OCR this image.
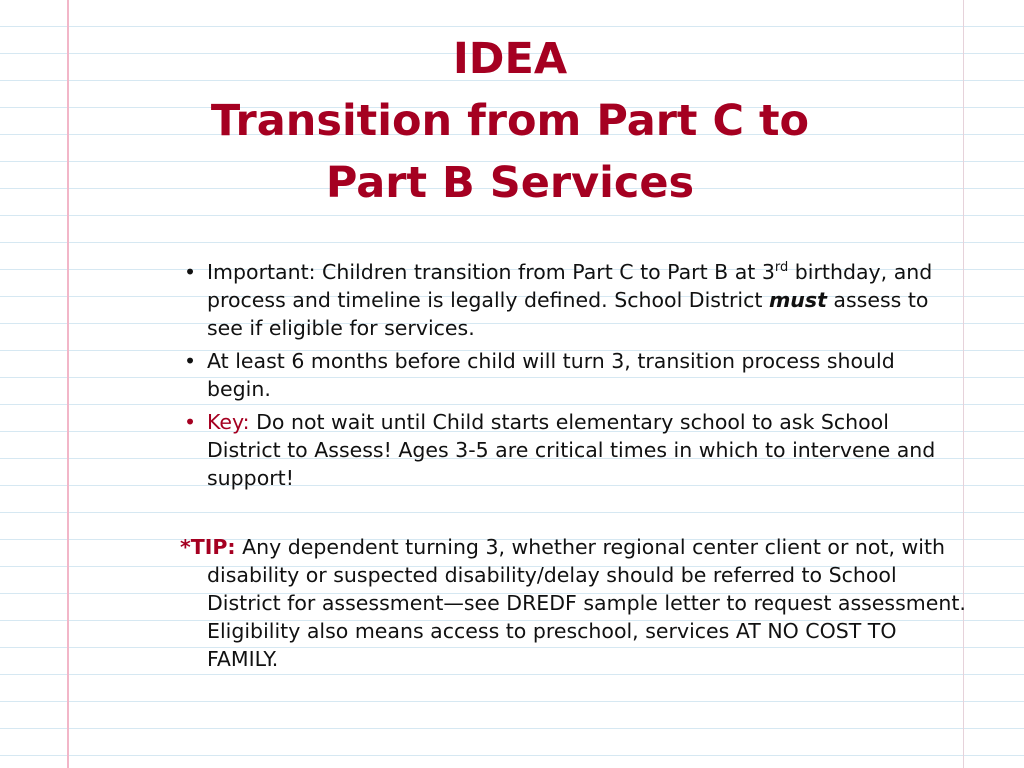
IDEA
Transition from Part C to
Part B Services
• Important: Children transition from Part C to Part B at 3rd birthday, and process and timeline is legally defined. School District must assess to see if eligible for services.
• At least 6 months before child will turn 3, transition process should begin.
• Key: Do not wait until Child starts elementary school to ask School District to Assess! Ages 3-5 are critical times in which to intervene and support!

*TIP: Any dependent turning 3, whether regional center client or not, with disability or suspected disability/delay should be referred to School District for assessment—see DREDF sample letter to request assessment. Eligibility also means access to preschool, services AT NO COST TO FAMILY.
